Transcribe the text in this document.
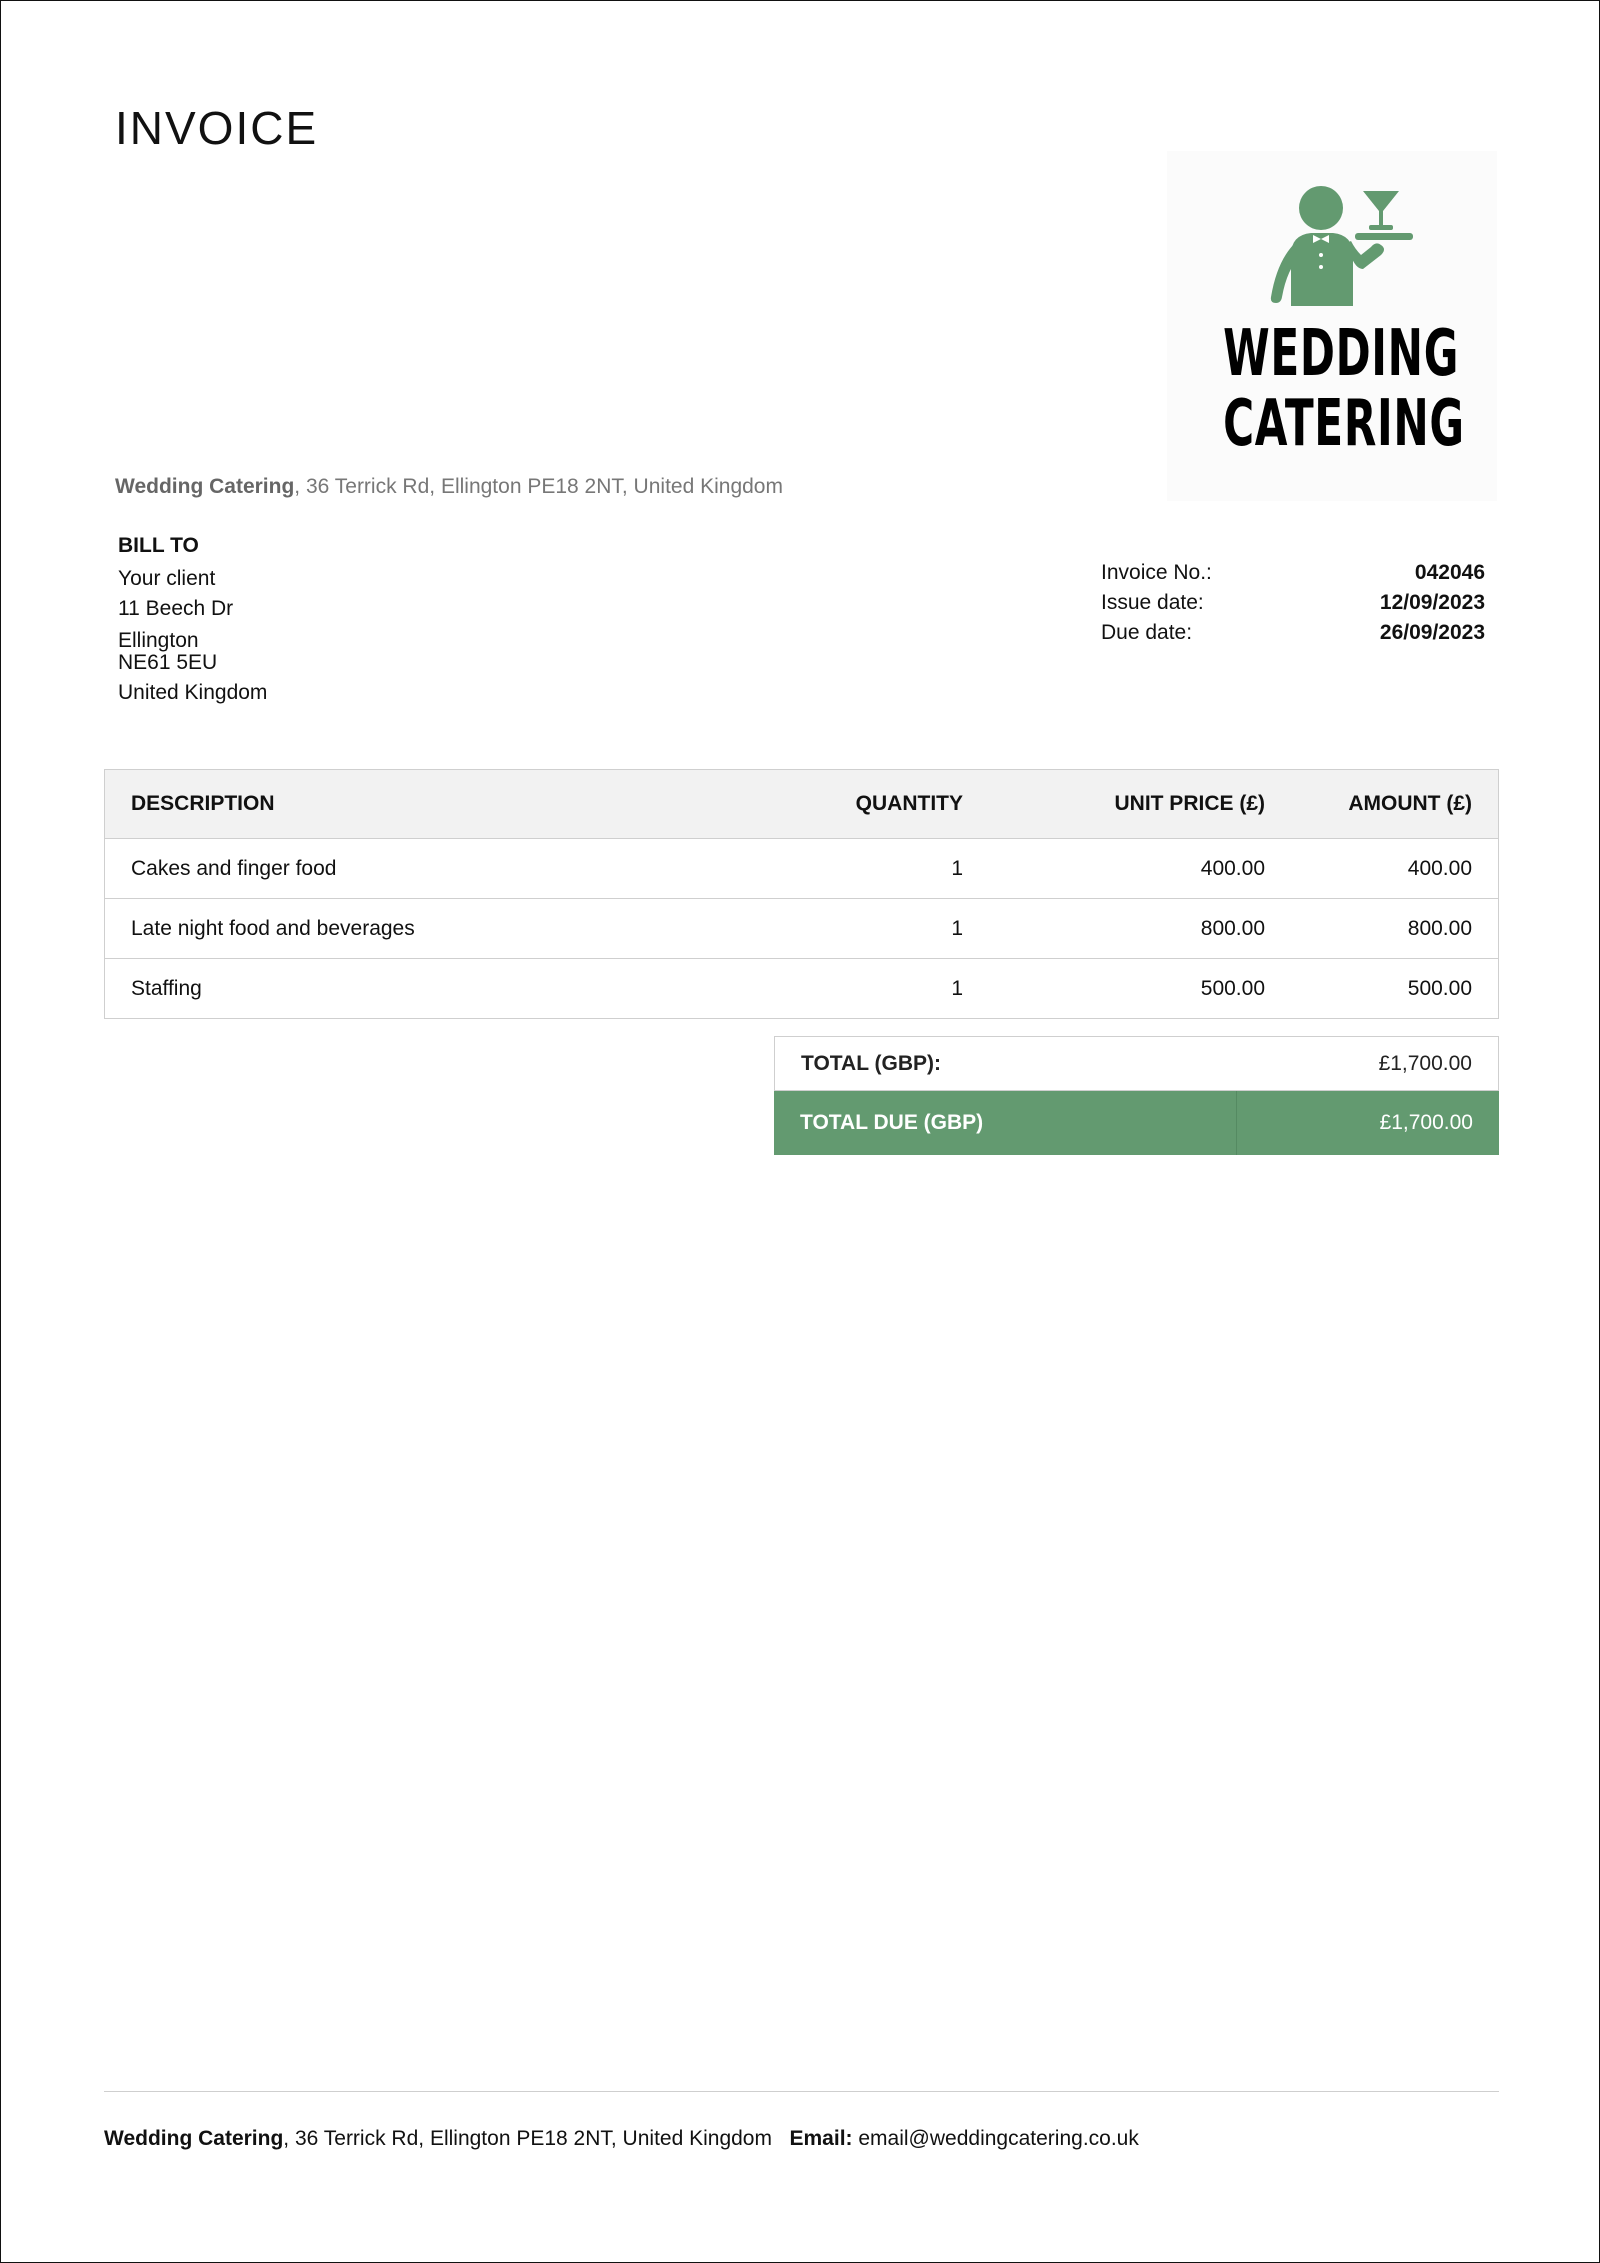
INVOICE
WEDDING
CATERING
Wedding Catering, 36 Terrick Rd, Ellington PE18 2NT, United Kingdom
BILL TO
Your client
11 Beech Dr
Ellington
NE61 5EU
United Kingdom
Invoice No.:	042046
Issue date:	12/09/2023
Due date:	26/09/2023
DESCRIPTION	QUANTITY	UNIT PRICE (£)	AMOUNT (£)
Cakes and finger food	1	400.00	400.00
Late night food and beverages	1	800.00	800.00
Staffing	1	500.00	500.00
TOTAL (GBP):	£1,700.00
TOTAL DUE (GBP)	£1,700.00
Wedding Catering, 36 Terrick Rd, Ellington PE18 2NT, United Kingdom Email: email@weddingcatering.co.uk
